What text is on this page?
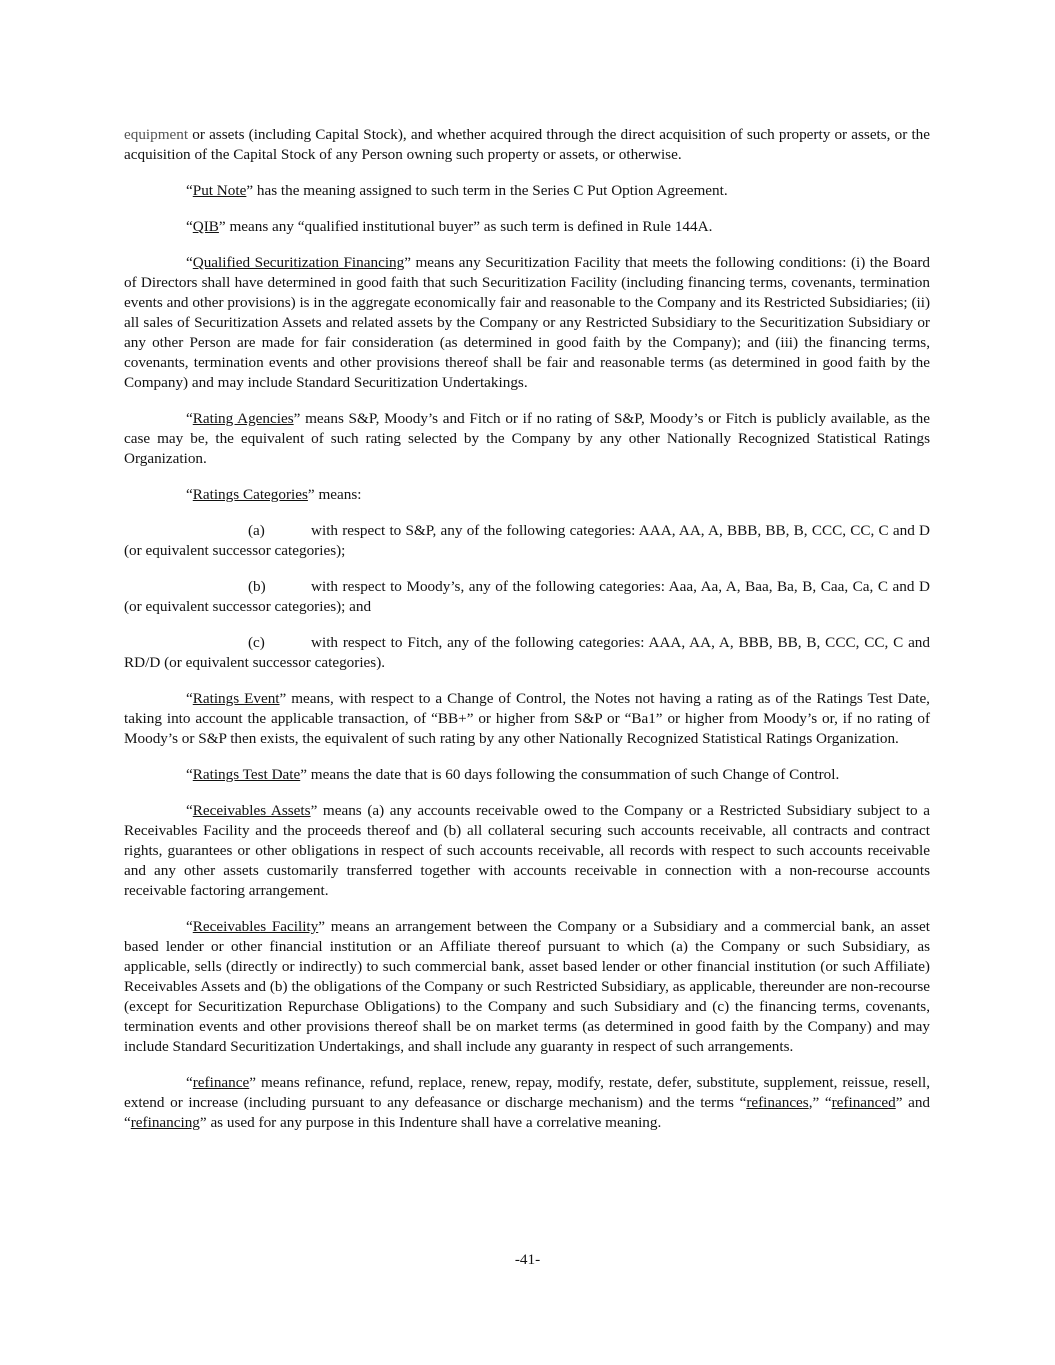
equipment or assets (including Capital Stock), and whether acquired through the direct acquisition of such property or assets, or the acquisition of the Capital Stock of any Person owning such property or assets, or otherwise.

“Put Note” has the meaning assigned to such term in the Series C Put Option Agreement.

“QIB” means any “qualified institutional buyer” as such term is defined in Rule 144A.

“Qualified Securitization Financing” means any Securitization Facility that meets the following conditions: (i) the Board of Directors shall have determined in good faith that such Securitization Facility (including financing terms, covenants, termination events and other provisions) is in the aggregate economically fair and reasonable to the Company and its Restricted Subsidiaries; (ii) all sales of Securitization Assets and related assets by the Company or any Restricted Subsidiary to the Securitization Subsidiary or any other Person are made for fair consideration (as determined in good faith by the Company); and (iii) the financing terms, covenants, termination events and other provisions thereof shall be fair and reasonable terms (as determined in good faith by the Company) and may include Standard Securitization Undertakings.

“Rating Agencies” means S&P, Moody’s and Fitch or if no rating of S&P, Moody’s or Fitch is publicly available, as the case may be, the equivalent of such rating selected by the Company by any other Nationally Recognized Statistical Ratings Organization.

“Ratings Categories” means:

(a)	with respect to S&P, any of the following categories: AAA, AA, A, BBB, BB, B, CCC, CC, C and D (or equivalent successor categories);

(b)	with respect to Moody’s, any of the following categories: Aaa, Aa, A, Baa, Ba, B, Caa, Ca, C and D (or equivalent successor categories); and

(c)	with respect to Fitch, any of the following categories: AAA, AA, A, BBB, BB, B, CCC, CC, C and RD/D (or equivalent successor categories).

“Ratings Event” means, with respect to a Change of Control, the Notes not having a rating as of the Ratings Test Date, taking into account the applicable transaction, of “BB+” or higher from S&P or “Ba1” or higher from Moody’s or, if no rating of Moody’s or S&P then exists, the equivalent of such rating by any other Nationally Recognized Statistical Ratings Organization.

“Ratings Test Date” means the date that is 60 days following the consummation of such Change of Control.

“Receivables Assets” means (a) any accounts receivable owed to the Company or a Restricted Subsidiary subject to a Receivables Facility and the proceeds thereof and (b) all collateral securing such accounts receivable, all contracts and contract rights, guarantees or other obligations in respect of such accounts receivable, all records with respect to such accounts receivable and any other assets customarily transferred together with accounts receivable in connection with a non-recourse accounts receivable factoring arrangement.

“Receivables Facility” means an arrangement between the Company or a Subsidiary and a commercial bank, an asset based lender or other financial institution or an Affiliate thereof pursuant to which (a) the Company or such Subsidiary, as applicable, sells (directly or indirectly) to such commercial bank, asset based lender or other financial institution (or such Affiliate) Receivables Assets and (b) the obligations of the Company or such Restricted Subsidiary, as applicable, thereunder are non-recourse (except for Securitization Repurchase Obligations) to the Company and such Subsidiary and (c) the financing terms, covenants, termination events and other provisions thereof shall be on market terms (as determined in good faith by the Company) and may include Standard Securitization Undertakings, and shall include any guaranty in respect of such arrangements.

“refinance” means refinance, refund, replace, renew, repay, modify, restate, defer, substitute, supplement, reissue, resell, extend or increase (including pursuant to any defeasance or discharge mechanism) and the terms “refinances,” “refinanced” and “refinancing” as used for any purpose in this Indenture shall have a correlative meaning.

-41-
